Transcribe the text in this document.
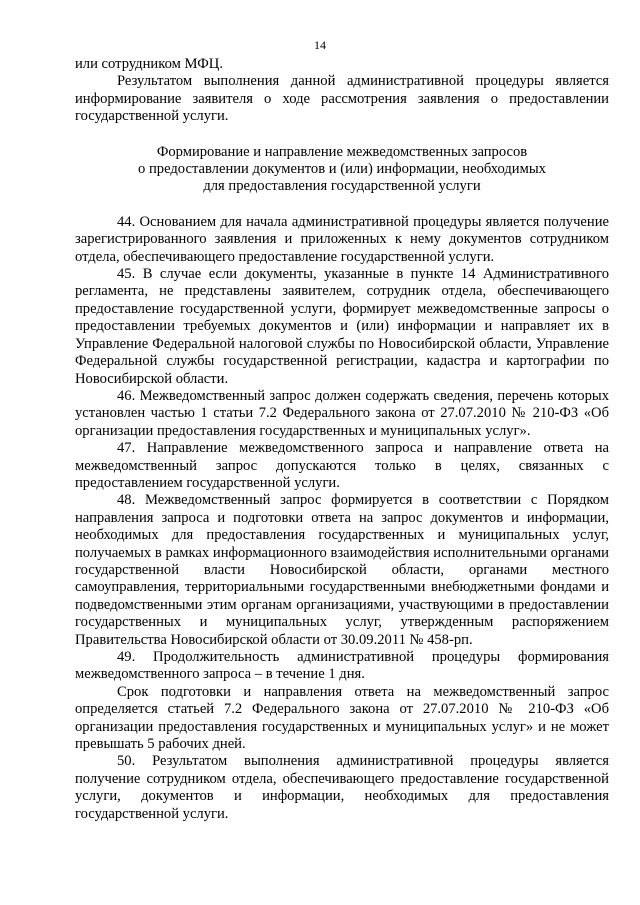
14

или сотрудником МФЦ.

Результатом выполнения данной административной процедуры является информирование заявителя о ходе рассмотрения заявления о предоставлении государственной услуги.

Формирование и направление межведомственных запросов
о предоставлении документов и (или) информации, необходимых
для предоставления государственной услуги

44. Основанием для начала административной процедуры является получение зарегистрированного заявления и приложенных к нему документов сотрудником отдела, обеспечивающего предоставление государственной услуги.

45. В случае если документы, указанные в пункте 14 Административного регламента, не представлены заявителем, сотрудник отдела, обеспечивающего предоставление государственной услуги, формирует межведомственные запросы о предоставлении требуемых документов и (или) информации и направляет их в Управление Федеральной налоговой службы по Новосибирской области, Управление Федеральной службы государственной регистрации, кадастра и картографии по Новосибирской области.

46. Межведомственный запрос должен содержать сведения, перечень которых установлен частью 1 статьи 7.2 Федерального закона от 27.07.2010 № 210-ФЗ «Об организации предоставления государственных и муниципальных услуг».

47. Направление межведомственного запроса и направление ответа на межведомственный запрос допускаются только в целях, связанных с предоставлением государственной услуги.

48. Межведомственный запрос формируется в соответствии с Порядком направления запроса и подготовки ответа на запрос документов и информации, необходимых для предоставления государственных и муниципальных услуг, получаемых в рамках информационного взаимодействия исполнительными органами государственной власти Новосибирской области, органами местного самоуправления, территориальными государственными внебюджетными фондами и подведомственными этим органам организациями, участвующими в предоставлении государственных и муниципальных услуг, утвержденным распоряжением Правительства Новосибирской области от 30.09.2011 № 458-рп.

49. Продолжительность административной процедуры формирования межведомственного запроса – в течение 1 дня.

Срок подготовки и направления ответа на межведомственный запрос определяется статьей 7.2 Федерального закона от 27.07.2010 № 210-ФЗ «Об организации предоставления государственных и муниципальных услуг» и не может превышать 5 рабочих дней.

50. Результатом выполнения административной процедуры является получение сотрудником отдела, обеспечивающего предоставление государственной услуги, документов и информации, необходимых для предоставления государственной услуги.
